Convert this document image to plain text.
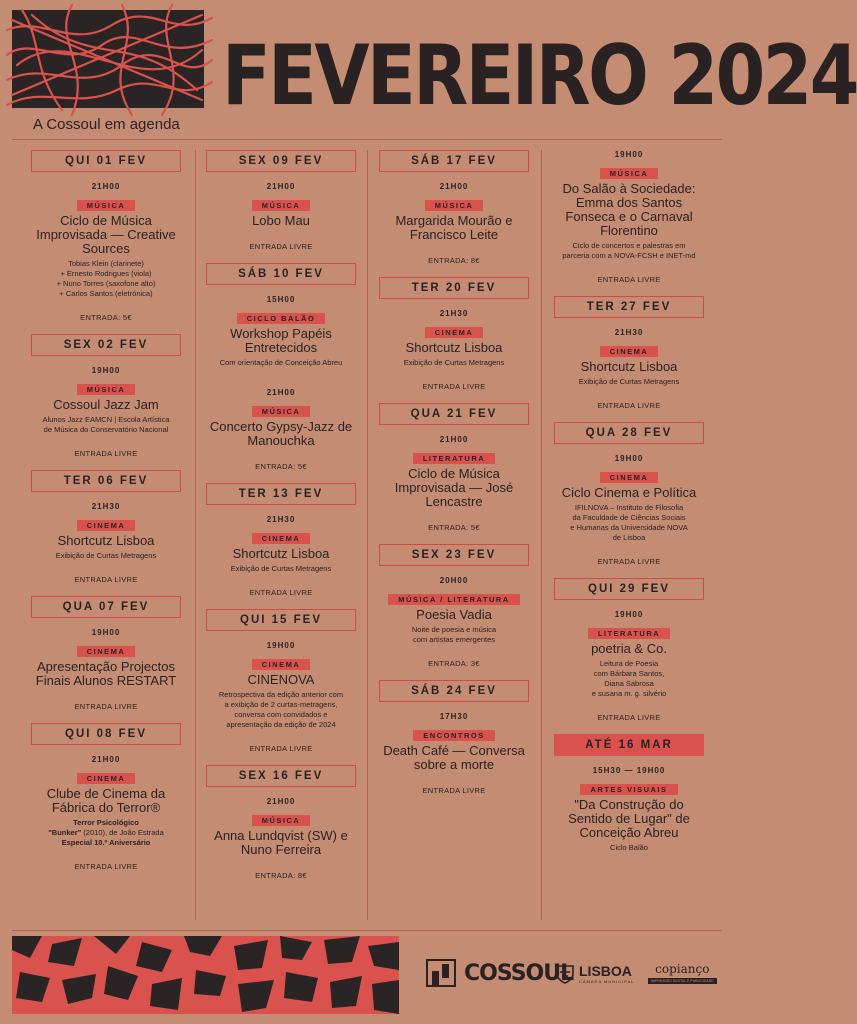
FEVEREIRO 2024
A Cossoul em agenda
QUI 01 FEV
21H00
MÚSICA
Ciclo de Música Improvisada — Creative Sources
Tobias Klein (clarinete)
+ Ernesto Rodrigues (viola)
+ Nuno Torres (saxofone alto)
+ Carlos Santos (eletrónica)
ENTRADA: 5€
SEX 02 FEV
19H00
MÚSICA
Cossoul Jazz Jam
Alunos Jazz EAMCN | Escola Artística
de Música do Conservatório Nacional
ENTRADA LIVRE
TER 06 FEV
21H30
CINEMA
Shortcutz Lisboa
Exibição de Curtas Metragens
ENTRADA LIVRE
QUA 07 FEV
19H00
CINEMA
Apresentação Projectos Finais Alunos RESTART
ENTRADA LIVRE
QUI 08 FEV
21H00
CINEMA
Clube de Cinema da Fábrica do Terror®
Terror Psicológico
"Bunker" (2010), de João Estrada
Especial 10.º Aniversário
ENTRADA LIVRE
SEX 09 FEV
21H00
MÚSICA
Lobo Mau
ENTRADA LIVRE
SÁB 10 FEV
15H00
CICLO BALÃO
Workshop Papéis Entretecidos
Com orientação de Conceição Abreu
21H00
MÚSICA
Concerto Gypsy-Jazz de Manouchka
ENTRADA: 5€
TER 13 FEV
21H30
CINEMA
Shortcutz Lisboa
Exibição de Curtas Metragens
ENTRADA LIVRE
QUI 15 FEV
19H00
CINEMA
CINENOVA
Retrospectiva da edição anterior com
a exibição de 2 curtas-metragens,
conversa com convidados e
apresentação da edição de 2024
ENTRADA LIVRE
SEX 16 FEV
21H00
MÚSICA
Anna Lundqvist (SW) e Nuno Ferreira
ENTRADA: 8€
SÁB 17 FEV
21H00
MÚSICA
Margarida Mourão e Francisco Leite
ENTRADA: 8€
TER 20 FEV
21H30
CINEMA
Shortcutz Lisboa
Exibição de Curtas Metragens
ENTRADA LIVRE
QUA 21 FEV
21H00
LITERATURA
Ciclo de Música Improvisada — José Lencastre
ENTRADA: 5€
SEX 23 FEV
20H00
MÚSICA / LITERATURA
Poesia Vadia
Noite de poesia e música
com artistas emergentes
ENTRADA: 3€
SÁB 24 FEV
17H30
ENCONTROS
Death Café — Conversa sobre a morte
ENTRADA LIVRE
19H00
MÚSICA
Do Salão à Sociedade: Emma dos Santos Fonseca e o Carnaval Florentino
Ciclo de concertos e palestras em
parceria com a NOVA-FCSH e INET-md
ENTRADA LIVRE
TER 27 FEV
21H30
CINEMA
Shortcutz Lisboa
Exibição de Curtas Metragens
ENTRADA LIVRE
QUA 28 FEV
19H00
CINEMA
Ciclo Cinema e Política
IFILNOVA – Instituto de Filosofia
da Faculdade de Ciências Sociais
e Humanas da Universidade NOVA
de Lisboa
ENTRADA LIVRE
QUI 29 FEV
19H00
LITERATURA
poetria & Co.
Leitura de Poesia
com Bárbara Santos,
Diana Sabrosa
e susana m. g. silvério
ENTRADA LIVRE
ATÉ 16 MAR
15H30 — 19H00
ARTES VISUAIS
"Da Construção do Sentido de Lugar" de Conceição Abreu
Ciclo Balão
COSSOUL LISBOA
CÂMARA MUNICIPAL
copianço
IMPRESSÃO DIGITAL E PUBLICIDADE
